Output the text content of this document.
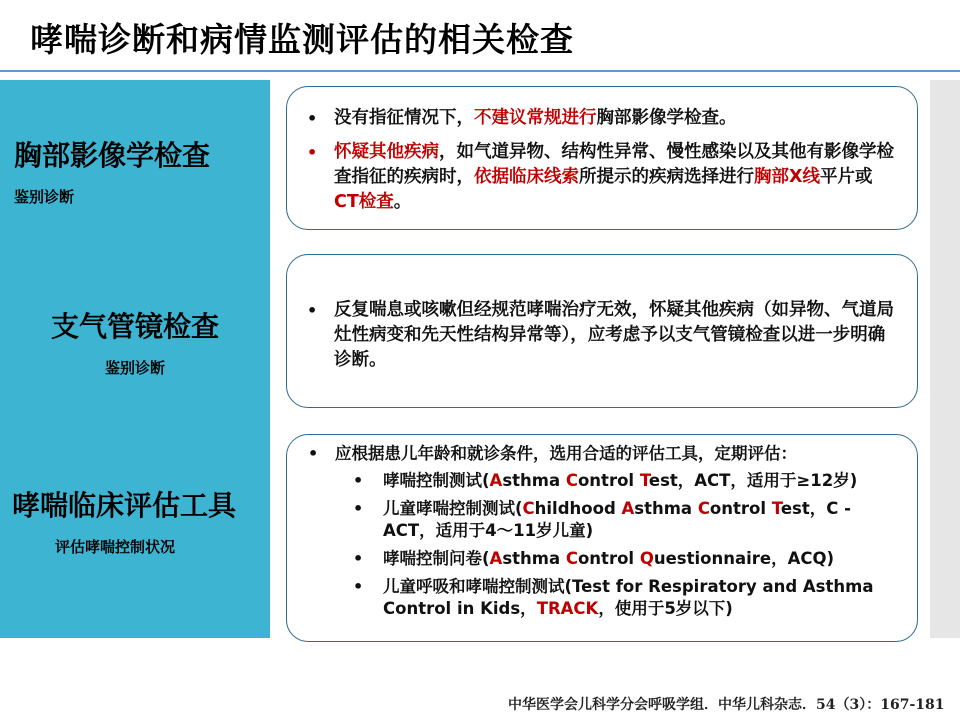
哮喘诊断和病情监测评估的相关检查
胸部影像学检查
鉴别诊断
支气管镜检查
鉴别诊断
哮喘临床评估工具
评估哮喘控制状况
• 没有指征情况下，不建议常规进行胸部影像学检查。
• 怀疑其他疾病，如气道异物、结构性异常、慢性感染以及其他有影像学检查指征的疾病时，依据临床线索所提示的疾病选择进行胸部X线平片或CT检查。
• 反复喘息或咳嗽但经规范哮喘治疗无效，怀疑其他疾病（如异物、气道局灶性病变和先天性结构异常等），应考虑予以支气管镜检查以进一步明确诊断。
• 应根据患儿年龄和就诊条件，选用合适的评估工具，定期评估：
• 哮喘控制测试(Asthma Control Test，ACT，适用于≥12岁)
• 儿童哮喘控制测试(Childhood Asthma Control Test，C - ACT，适用于4～11岁儿童)
• 哮喘控制问卷(Asthma Control Questionnaire，ACQ)
• 儿童呼吸和哮喘控制测试(Test for Respiratory and Asthma Control in Kids，TRACK，使用于5岁以下)
中华医学会儿科学分会呼吸学组．中华儿科杂志．54（3）：167-181
